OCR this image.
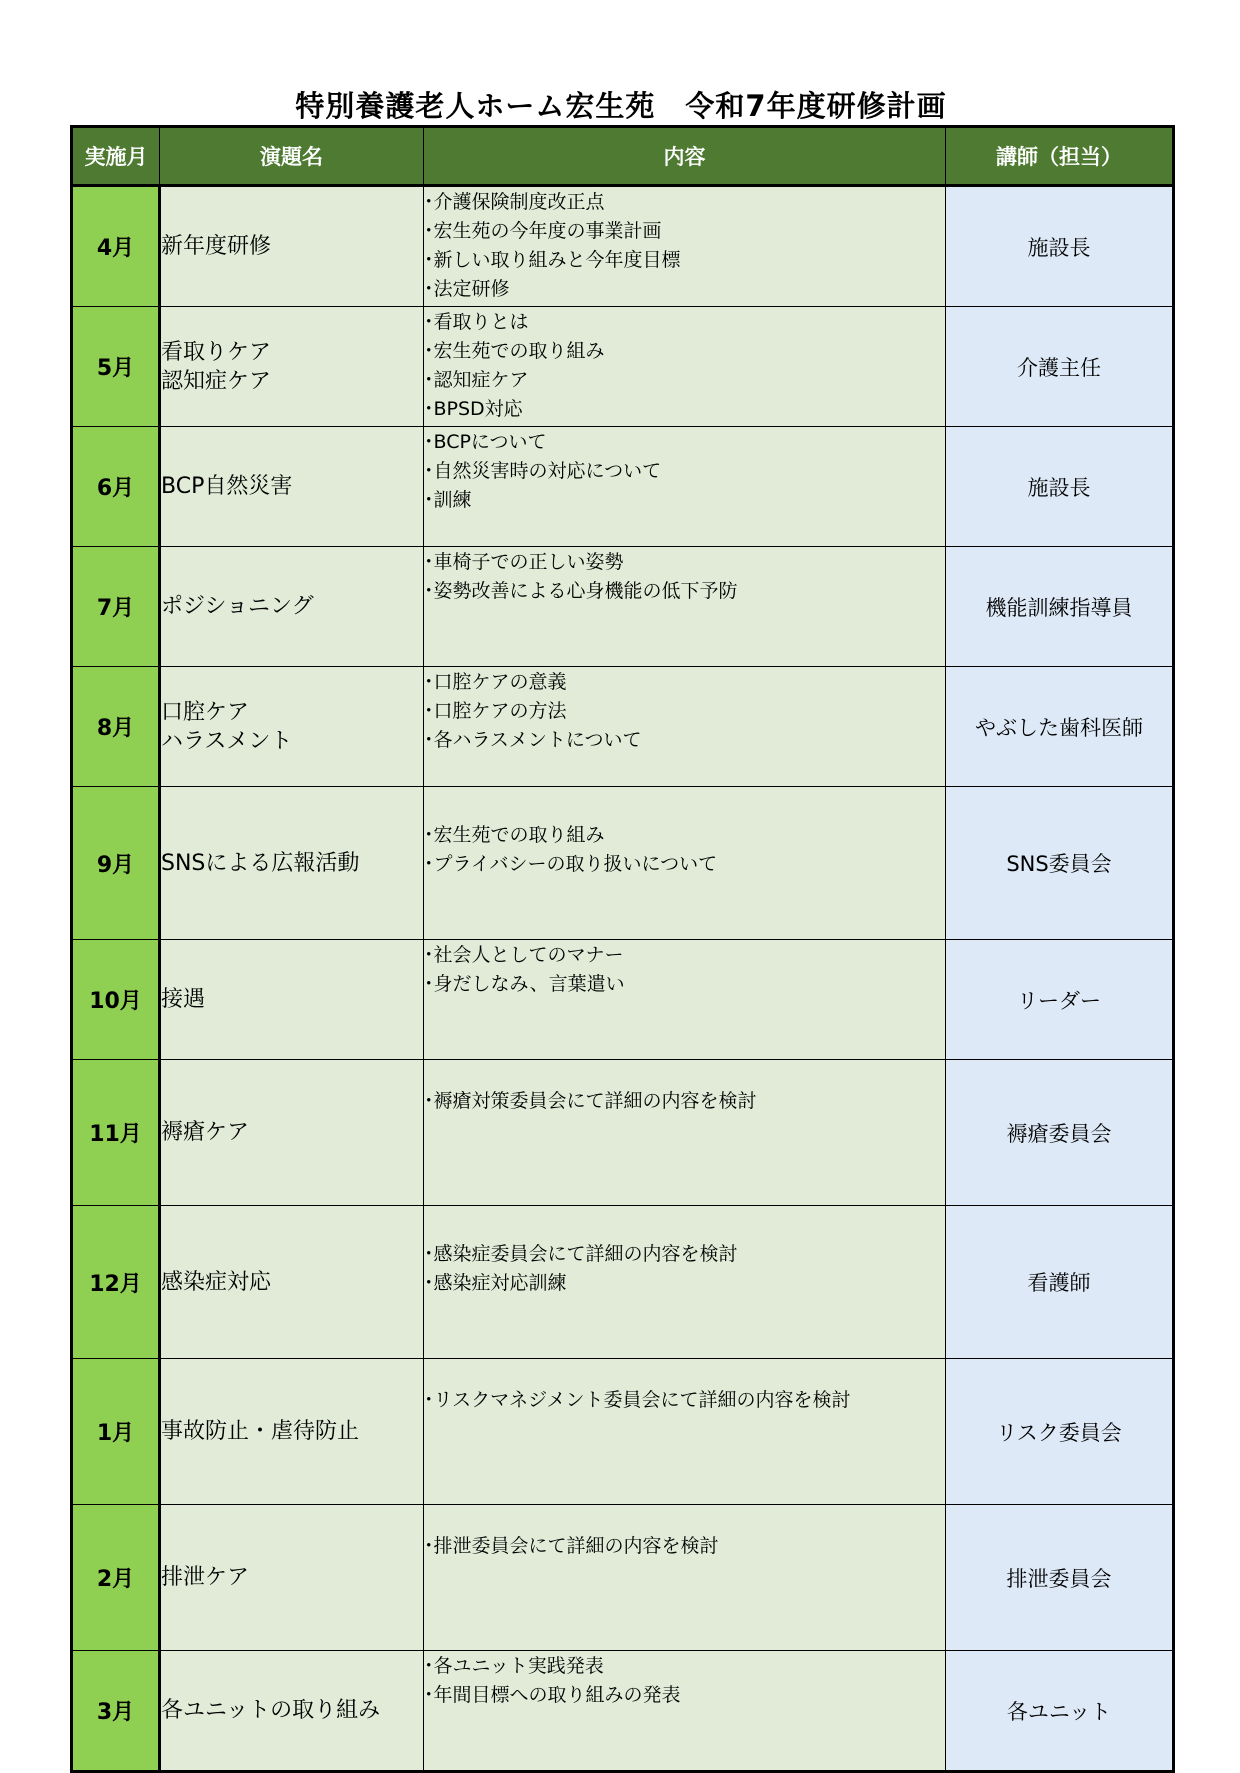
特別養護老人ホーム宏生苑　令和7年度研修計画
実施月	演題名	内容	講師（担当）
4月	新年度研修	･介護保険制度改正点
･宏生苑の今年度の事業計画
･新しい取り組みと今年度目標
･法定研修	施設長
5月	看取りケア
認知症ケア	･看取りとは
･宏生苑での取り組み
･認知症ケア
･BPSD対応	介護主任
6月	BCP自然災害	･BCPについて
･自然災害時の対応について
･訓練	施設長
7月	ポジショニング	･車椅子での正しい姿勢
･姿勢改善による心身機能の低下予防	機能訓練指導員
8月	口腔ケア
ハラスメント	･口腔ケアの意義
･口腔ケアの方法
･各ハラスメントについて	やぶした歯科医師
9月	SNSによる広報活動	･宏生苑での取り組み
･プライバシーの取り扱いについて	SNS委員会
10月	接遇	･社会人としてのマナー
･身だしなみ、言葉遣い	リーダー
11月	褥瘡ケア	･褥瘡対策委員会にて詳細の内容を検討	褥瘡委員会
12月	感染症対応	･感染症委員会にて詳細の内容を検討
･感染症対応訓練	看護師
1月	事故防止・虐待防止	･リスクマネジメント委員会にて詳細の内容を検討	リスク委員会
2月	排泄ケア	･排泄委員会にて詳細の内容を検討	排泄委員会
3月	各ユニットの取り組み	･各ユニット実践発表
･年間目標への取り組みの発表	各ユニット
